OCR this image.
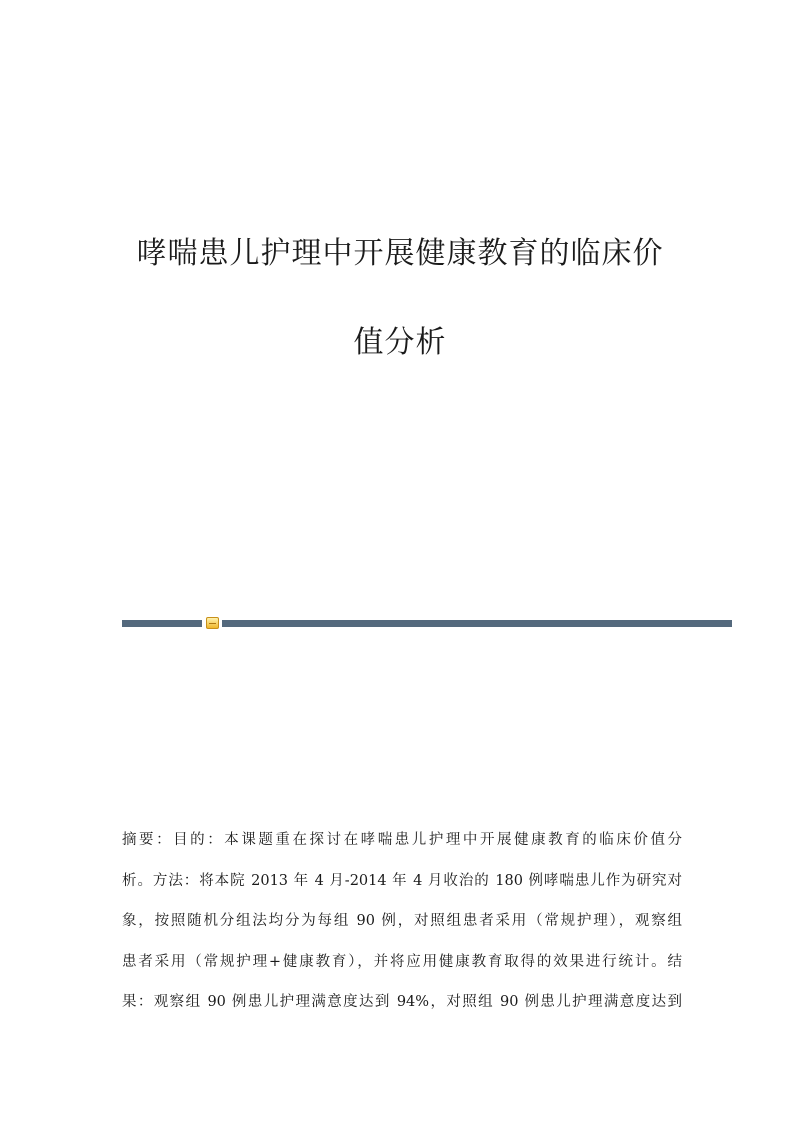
哮喘患儿护理中开展健康教育的临床价
值分析

摘要：目的：本课题重在探讨在哮喘患儿护理中开展健康教育的临床价值分
析。方法：将本院 2013 年 4 月-2014 年 4 月收治的 180 例哮喘患儿作为研究对
象，按照随机分组法均分为每组 90 例，对照组患者采用（常规护理），观察组
患者采用（常规护理+健康教育），并将应用健康教育取得的效果进行统计。结
果：观察组 90 例患儿护理满意度达到 94%，对照组 90 例患儿护理满意度达到
